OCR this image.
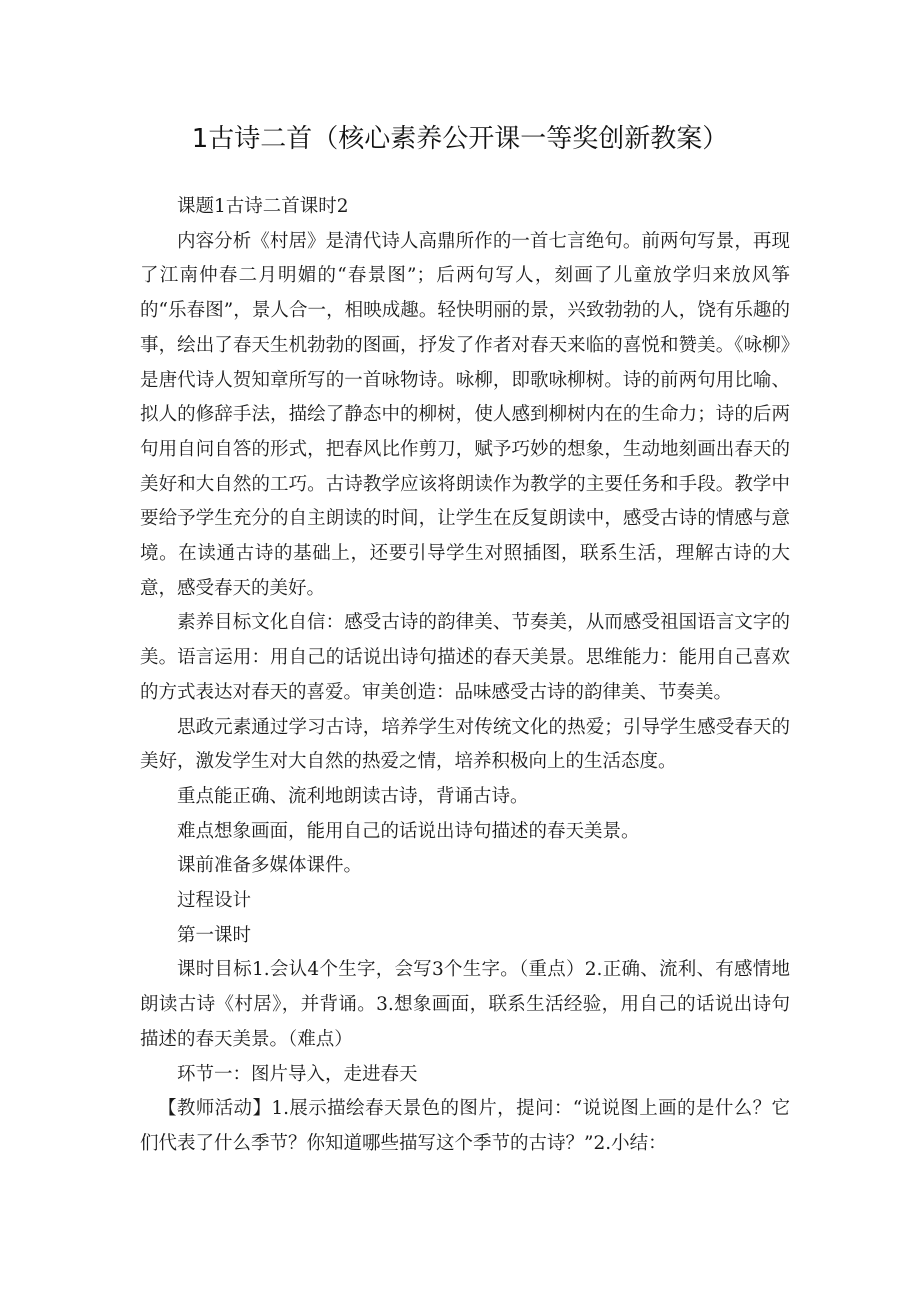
1古诗二首（核心素养公开课一等奖创新教案）

课题1古诗二首课时2

内容分析《村居》是清代诗人高鼎所作的一首七言绝句。前两句写景，再现了江南仲春二月明媚的“春景图”；后两句写人，刻画了儿童放学归来放风筝的“乐春图”，景人合一，相映成趣。轻快明丽的景，兴致勃勃的人，饶有乐趣的事，绘出了春天生机勃勃的图画，抒发了作者对春天来临的喜悦和赞美。《咏柳》是唐代诗人贺知章所写的一首咏物诗。咏柳，即歌咏柳树。诗的前两句用比喻、拟人的修辞手法，描绘了静态中的柳树，使人感到柳树内在的生命力；诗的后两句用自问自答的形式，把春风比作剪刀，赋予巧妙的想象，生动地刻画出春天的美好和大自然的工巧。古诗教学应该将朗读作为教学的主要任务和手段。教学中要给予学生充分的自主朗读的时间，让学生在反复朗读中，感受古诗的情感与意境。在读通古诗的基础上，还要引导学生对照插图，联系生活，理解古诗的大意，感受春天的美好。

素养目标文化自信：感受古诗的韵律美、节奏美，从而感受祖国语言文字的美。语言运用：用自己的话说出诗句描述的春天美景。思维能力：能用自己喜欢的方式表达对春天的喜爱。审美创造：品味感受古诗的韵律美、节奏美。

思政元素通过学习古诗，培养学生对传统文化的热爱；引导学生感受春天的美好，激发学生对大自然的热爱之情，培养积极向上的生活态度。

重点能正确、流利地朗读古诗，背诵古诗。

难点想象画面，能用自己的话说出诗句描述的春天美景。

课前准备多媒体课件。

过程设计

第一课时

课时目标1.会认4个生字，会写3个生字。（重点）2.正确、流利、有感情地朗读古诗《村居》，并背诵。3.想象画面，联系生活经验，用自己的话说出诗句描述的春天美景。（难点）

环节一：图片导入，走进春天

【教师活动】1.展示描绘春天景色的图片，提问：“说说图上画的是什么？它们代表了什么季节？你知道哪些描写这个季节的古诗？”2.小结：
